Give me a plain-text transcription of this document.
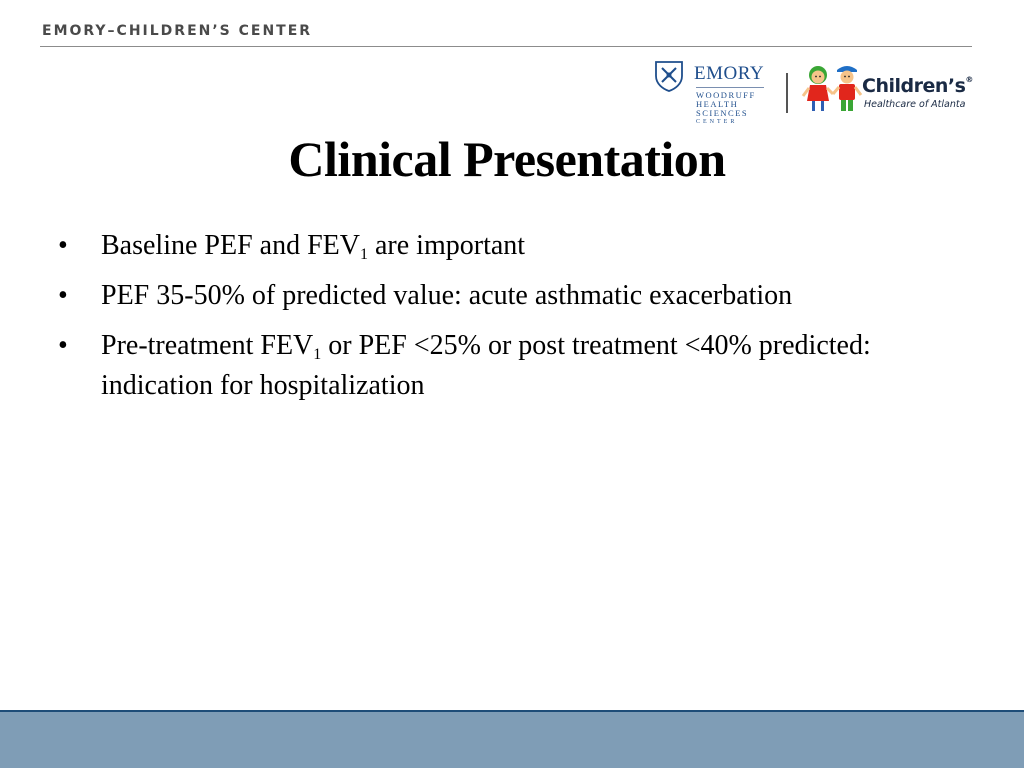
EMORY–CHILDREN’S CENTER
EMORY
WOODRUFF
HEALTH
SCIENCES
CENTER
Children’s®
Healthcare of Atlanta
Clinical Presentation
• Baseline PEF and $FEV_1$ are important
• PEF 35-50% of predicted value: acute asthmatic exacerbation
• Pre-treatment $FEV_1$ or PEF <25% or post treatment <40% predicted: indication for hospitalization
